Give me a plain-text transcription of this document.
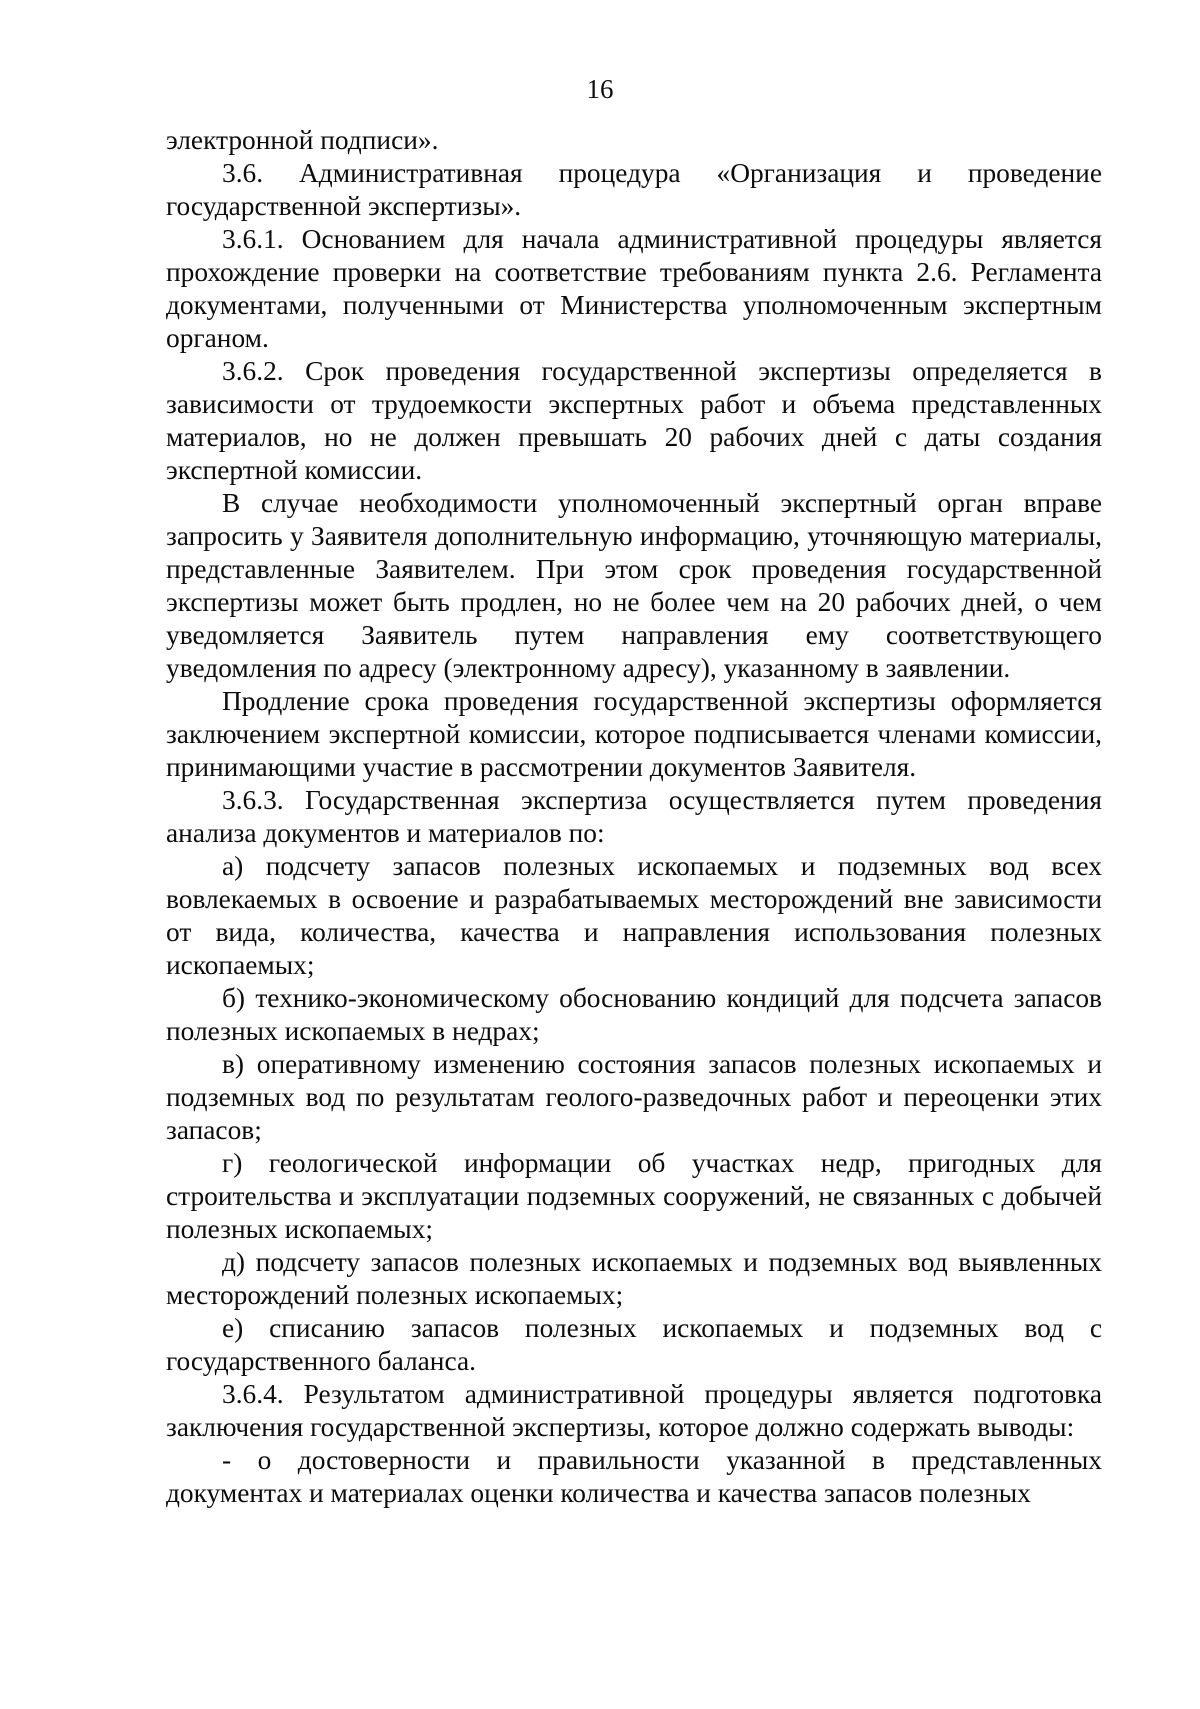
16

электронной подписи».

3.6. Административная процедура «Организация и проведение государственной экспертизы».

3.6.1. Основанием для начала административной процедуры является прохождение проверки на соответствие требованиям пункта 2.6. Регламента документами, полученными от Министерства уполномоченным экспертным органом.

3.6.2. Срок проведения государственной экспертизы определяется в зависимости от трудоемкости экспертных работ и объема представленных материалов, но не должен превышать 20 рабочих дней с даты создания экспертной комиссии.

В случае необходимости уполномоченный экспертный орган вправе запросить у Заявителя дополнительную информацию, уточняющую материалы, представленные Заявителем. При этом срок проведения государственной экспертизы может быть продлен, но не более чем на 20 рабочих дней, о чем уведомляется Заявитель путем направления ему соответствующего уведомления по адресу (электронному адресу), указанному в заявлении.

Продление срока проведения государственной экспертизы оформляется заключением экспертной комиссии, которое подписывается членами комиссии, принимающими участие в рассмотрении документов Заявителя.

3.6.3. Государственная экспертиза осуществляется путем проведения анализа документов и материалов по:

а) подсчету запасов полезных ископаемых и подземных вод всех вовлекаемых в освоение и разрабатываемых месторождений вне зависимости от вида, количества, качества и направления использования полезных ископаемых;

б) технико-экономическому обоснованию кондиций для подсчета запасов полезных ископаемых в недрах;

в) оперативному изменению состояния запасов полезных ископаемых и подземных вод по результатам геолого-разведочных работ и переоценки этих запасов;

г) геологической информации об участках недр, пригодных для строительства и эксплуатации подземных сооружений, не связанных с добычей полезных ископаемых;

д) подсчету запасов полезных ископаемых и подземных вод выявленных месторождений полезных ископаемых;

е) списанию запасов полезных ископаемых и подземных вод с государственного баланса.

3.6.4. Результатом административной процедуры является подготовка заключения государственной экспертизы, которое должно содержать выводы:

- о достоверности и правильности указанной в представленных документах и материалах оценки количества и качества запасов полезных
